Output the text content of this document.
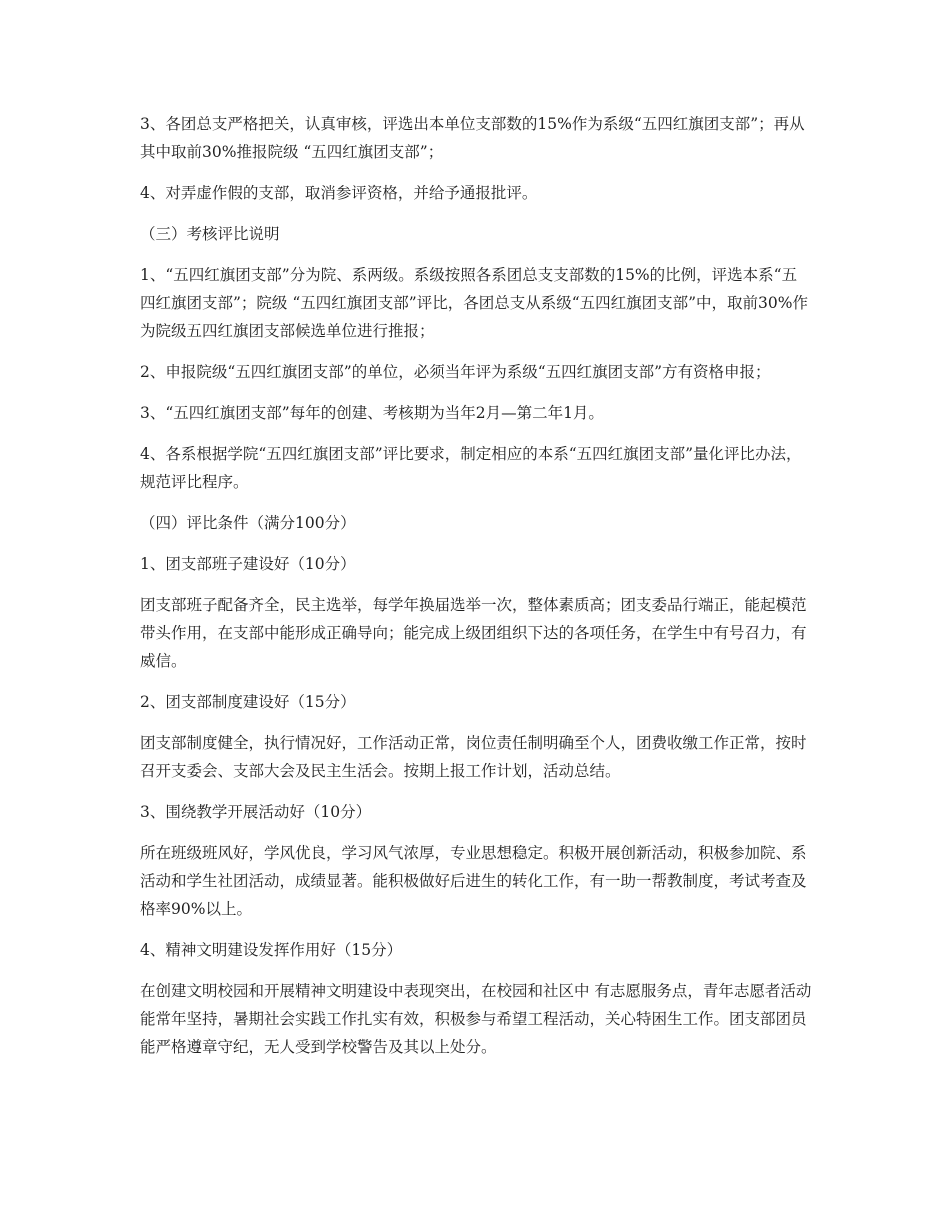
3、各团总支严格把关，认真审核，评选出本单位支部数的15%作为系级“五四红旗团支部”；再从其中取前30%推报院级 “五四红旗团支部”；

4、对弄虚作假的支部，取消参评资格，并给予通报批评。

（三）考核评比说明

1、“五四红旗团支部”分为院、系两级。系级按照各系团总支支部数的15%的比例，评选本系“五四红旗团支部”；院级 “五四红旗团支部”评比，各团总支从系级“五四红旗团支部”中，取前30%作为院级五四红旗团支部候选单位进行推报；

2、申报院级“五四红旗团支部”的单位，必须当年评为系级“五四红旗团支部”方有资格申报；

3、“五四红旗团支部”每年的创建、考核期为当年2月—第二年1月。

4、各系根据学院“五四红旗团支部”评比要求，制定相应的本系“五四红旗团支部”量化评比办法，规范评比程序。

（四）评比条件（满分100分）

1、团支部班子建设好（10分）

团支部班子配备齐全，民主选举，每学年换届选举一次，整体素质高；团支委品行端正，能起模范带头作用，在支部中能形成正确导向；能完成上级团组织下达的各项任务，在学生中有号召力，有威信。

2、团支部制度建设好（15分）

团支部制度健全，执行情况好，工作活动正常，岗位责任制明确至个人，团费收缴工作正常，按时召开支委会、支部大会及民主生活会。按期上报工作计划，活动总结。

3、围绕教学开展活动好（10分）

所在班级班风好，学风优良，学习风气浓厚，专业思想稳定。积极开展创新活动，积极参加院、系活动和学生社团活动，成绩显著。能积极做好后进生的转化工作，有一助一帮教制度，考试考查及格率90%以上。

4、精神文明建设发挥作用好（15分）

在创建文明校园和开展精神文明建设中表现突出，在校园和社区中 有志愿服务点，青年志愿者活动能常年坚持，暑期社会实践工作扎实有效，积极参与希望工程活动，关心特困生工作。团支部团员能严格遵章守纪，无人受到学校警告及其以上处分。
